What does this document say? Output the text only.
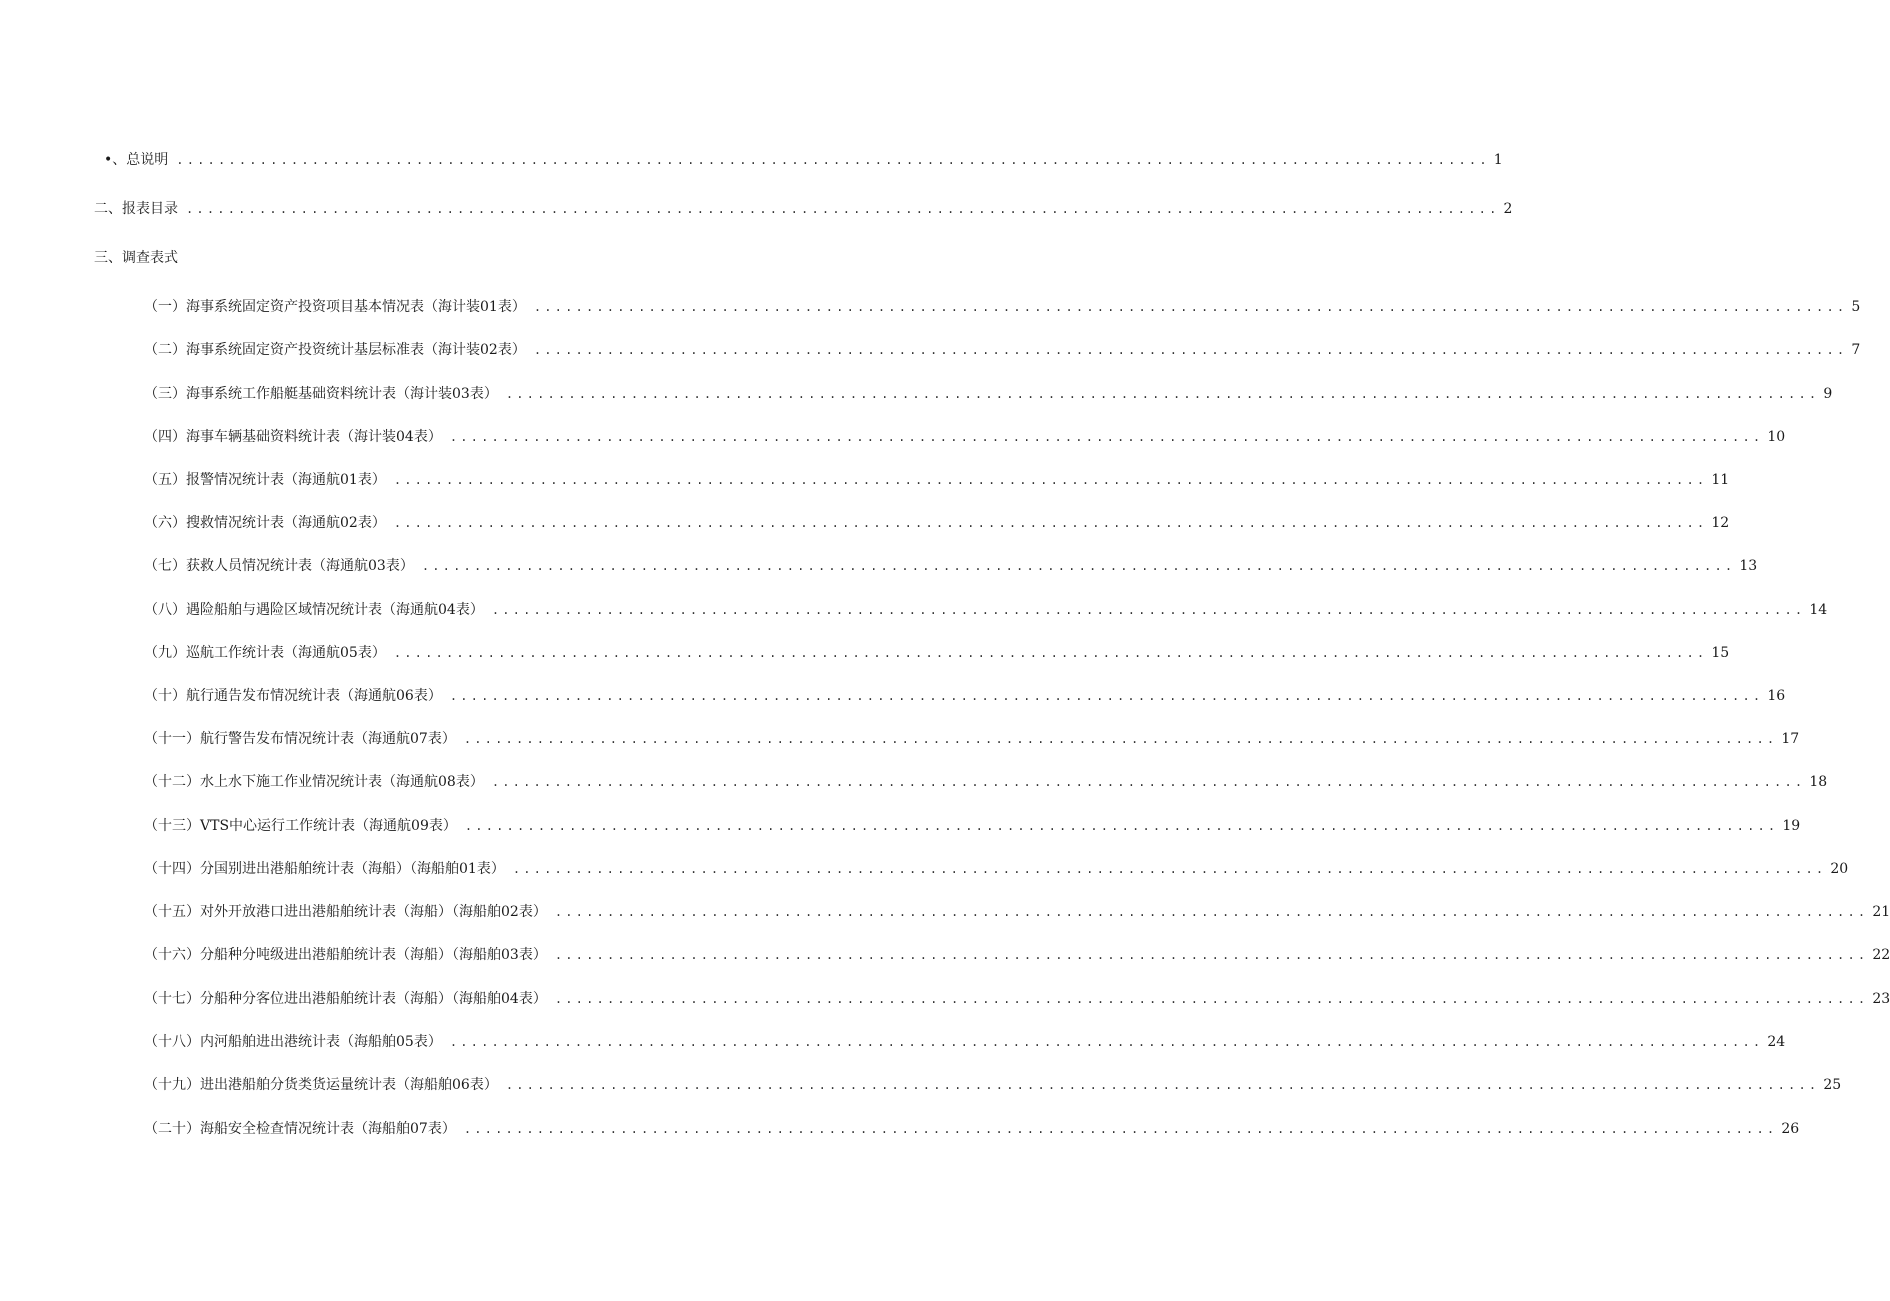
•、总说明 .............................................................................................................................. 1
二、报表目录 .............................................................................................................................. 2
三、调查表式
（一）海事系统固定资产投资项目基本情况表（海计装01表） .............................................................................................................................. 5
（二）海事系统固定资产投资统计基层标准表（海计装02表） .............................................................................................................................. 7
（三）海事系统工作船艇基础资料统计表（海计装03表） .............................................................................................................................. 9
（四）海事车辆基础资料统计表（海计装04表） .............................................................................................................................. 10
（五）报警情况统计表（海通航01表） .............................................................................................................................. 11
（六）搜救情况统计表（海通航02表） .............................................................................................................................. 12
（七）获救人员情况统计表（海通航03表） .............................................................................................................................. 13
（八）遇险船舶与遇险区域情况统计表（海通航04表） .............................................................................................................................. 14
（九）巡航工作统计表（海通航05表） .............................................................................................................................. 15
（十）航行通告发布情况统计表（海通航06表） .............................................................................................................................. 16
（十一）航行警告发布情况统计表（海通航07表） .............................................................................................................................. 17
（十二）水上水下施工作业情况统计表（海通航08表） .............................................................................................................................. 18
（十三）VTS中心运行工作统计表（海通航09表） .............................................................................................................................. 19
（十四）分国别进出港船舶统计表（海船）（海船舶01表） .............................................................................................................................. 20
（十五）对外开放港口进出港船舶统计表（海船）（海船舶02表） .............................................................................................................................. 21
（十六）分船种分吨级进出港船舶统计表（海船）（海船舶03表） .............................................................................................................................. 22
（十七）分船种分客位进出港船舶统计表（海船）（海船舶04表） .............................................................................................................................. 23
（十八）内河船舶进出港统计表（海船舶05表） .............................................................................................................................. 24
（十九）进出港船舶分货类货运量统计表（海船舶06表） .............................................................................................................................. 25
（二十）海船安全检查情况统计表（海船舶07表） .............................................................................................................................. 26
